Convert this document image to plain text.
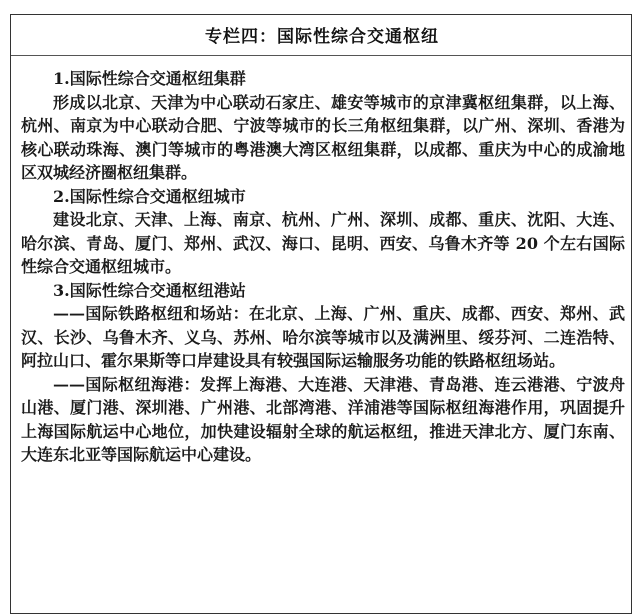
专栏四：国际性综合交通枢纽

1.国际性综合交通枢纽集群

形成以北京、天津为中心联动石家庄、雄安等城市的京津冀枢纽集群，以上海、杭州、南京为中心联动合肥、宁波等城市的长三角枢纽集群，以广州、深圳、香港为核心联动珠海、澳门等城市的粤港澳大湾区枢纽集群，以成都、重庆为中心的成渝地区双城经济圈枢纽集群。

2.国际性综合交通枢纽城市

建设北京、天津、上海、南京、杭州、广州、深圳、成都、重庆、沈阳、大连、哈尔滨、青岛、厦门、郑州、武汉、海口、昆明、西安、乌鲁木齐等 20 个左右国际性综合交通枢纽城市。

3.国际性综合交通枢纽港站

——国际铁路枢纽和场站：在北京、上海、广州、重庆、成都、西安、郑州、武汉、长沙、乌鲁木齐、义乌、苏州、哈尔滨等城市以及满洲里、绥芬河、二连浩特、阿拉山口、霍尔果斯等口岸建设具有较强国际运输服务功能的铁路枢纽场站。

——国际枢纽海港：发挥上海港、大连港、天津港、青岛港、连云港港、宁波舟山港、厦门港、深圳港、广州港、北部湾港、洋浦港等国际枢纽海港作用，巩固提升上海国际航运中心地位，加快建设辐射全球的航运枢纽，推进天津北方、厦门东南、大连东北亚等国际航运中心建设。
